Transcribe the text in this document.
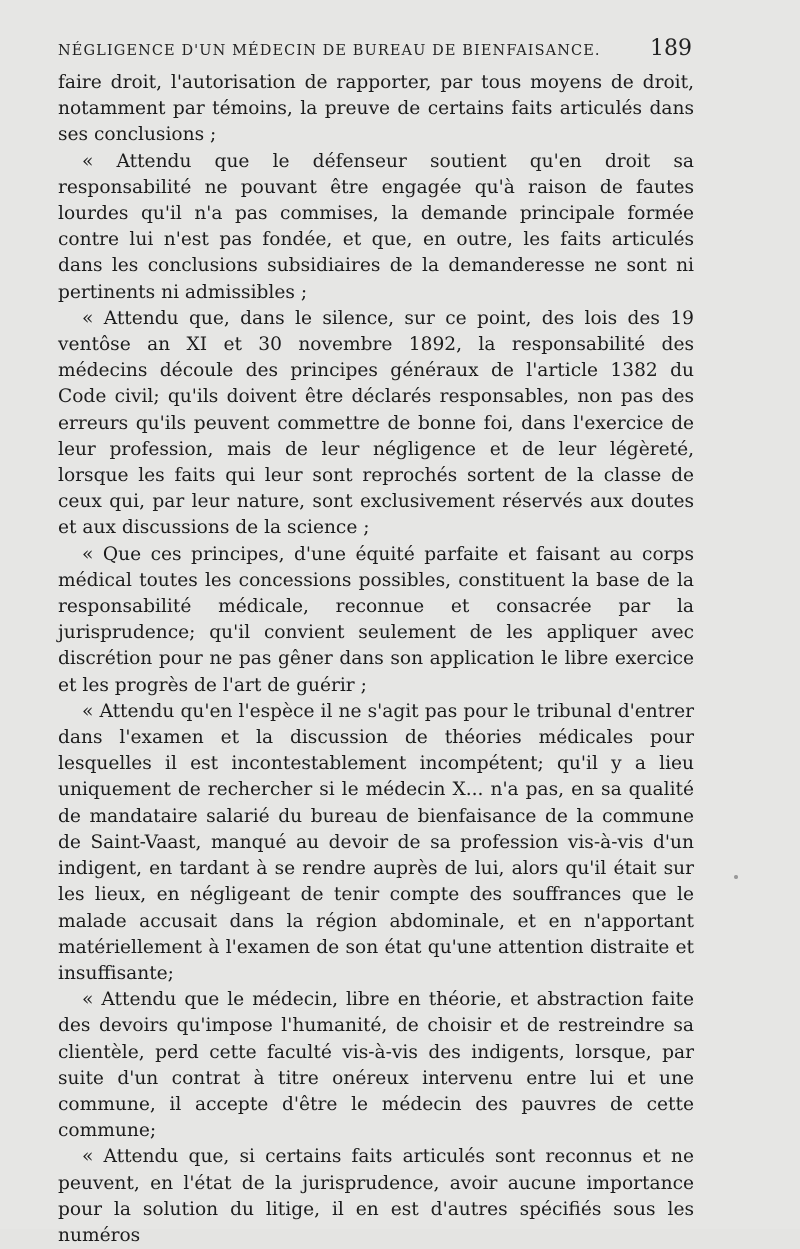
NÉGLIGENCE D'UN MÉDECIN DE BUREAU DE BIENFAISANCE. 189

faire droit, l'autorisation de rapporter, par tous moyens de droit, notamment par témoins, la preuve de certains faits articulés dans ses conclusions ;

« Attendu que le défenseur soutient qu'en droit sa responsabilité ne pouvant être engagée qu'à raison de fautes lourdes qu'il n'a pas commises, la demande principale formée contre lui n'est pas fondée, et que, en outre, les faits articulés dans les conclusions subsidiaires de la demanderesse ne sont ni pertinents ni admissibles ;

« Attendu que, dans le silence, sur ce point, des lois des 19 ventôse an XI et 30 novembre 1892, la responsabilité des médecins découle des principes généraux de l'article 1382 du Code civil; qu'ils doivent être déclarés responsables, non pas des erreurs qu'ils peuvent commettre de bonne foi, dans l'exercice de leur profession, mais de leur négligence et de leur légèreté, lorsque les faits qui leur sont reprochés sortent de la classe de ceux qui, par leur nature, sont exclusivement réservés aux doutes et aux discussions de la science ;

« Que ces principes, d'une équité parfaite et faisant au corps médical toutes les concessions possibles, constituent la base de la responsabilité médicale, reconnue et consacrée par la jurisprudence; qu'il convient seulement de les appliquer avec discrétion pour ne pas gêner dans son application le libre exercice et les progrès de l'art de guérir ;

« Attendu qu'en l'espèce il ne s'agit pas pour le tribunal d'entrer dans l'examen et la discussion de théories médicales pour lesquelles il est incontestablement incompétent; qu'il y a lieu uniquement de rechercher si le médecin X... n'a pas, en sa qualité de mandataire salarié du bureau de bienfaisance de la commune de Saint-Vaast, manqué au devoir de sa profession vis-à-vis d'un indigent, en tardant à se rendre auprès de lui, alors qu'il était sur les lieux, en négligeant de tenir compte des souffrances que le malade accusait dans la région abdominale, et en n'apportant matériellement à l'examen de son état qu'une attention distraite et insuffisante;

« Attendu que le médecin, libre en théorie, et abstraction faite des devoirs qu'impose l'humanité, de choisir et de restreindre sa clientèle, perd cette faculté vis-à-vis des indigents, lorsque, par suite d'un contrat à titre onéreux intervenu entre lui et une commune, il accepte d'être le médecin des pauvres de cette commune;

« Attendu que, si certains faits articulés sont reconnus et ne peuvent, en l'état de la jurisprudence, avoir aucune importance pour la solution du litige, il en est d'autres spécifiés sous les numéros
